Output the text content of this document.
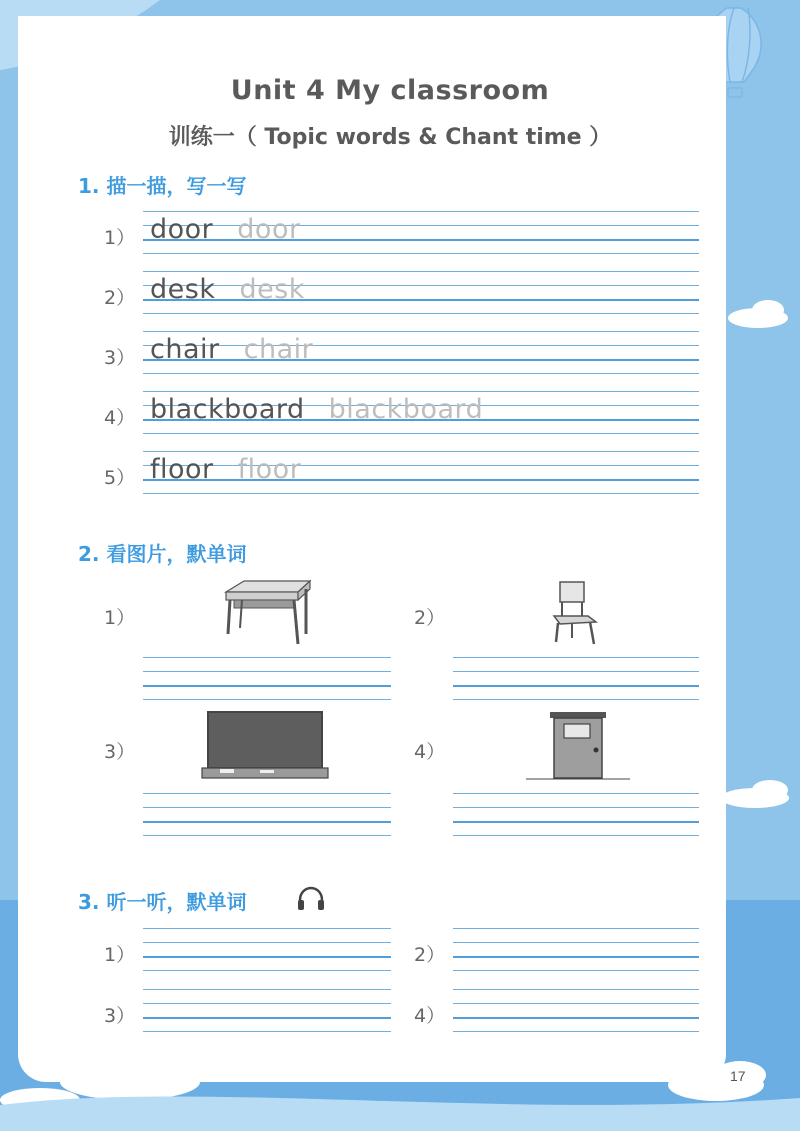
Unit 4 My classroom
训练一（ Topic words & Chant time ）
1. 描一描，写一写
1） door door
2） desk desk
3） chair chair
4） blackboard blackboard
5） floor floor
2. 看图片，默单词
1）	2）
3）	4）
3. 听一听，默单词
1）	2）
3）	4）
17
